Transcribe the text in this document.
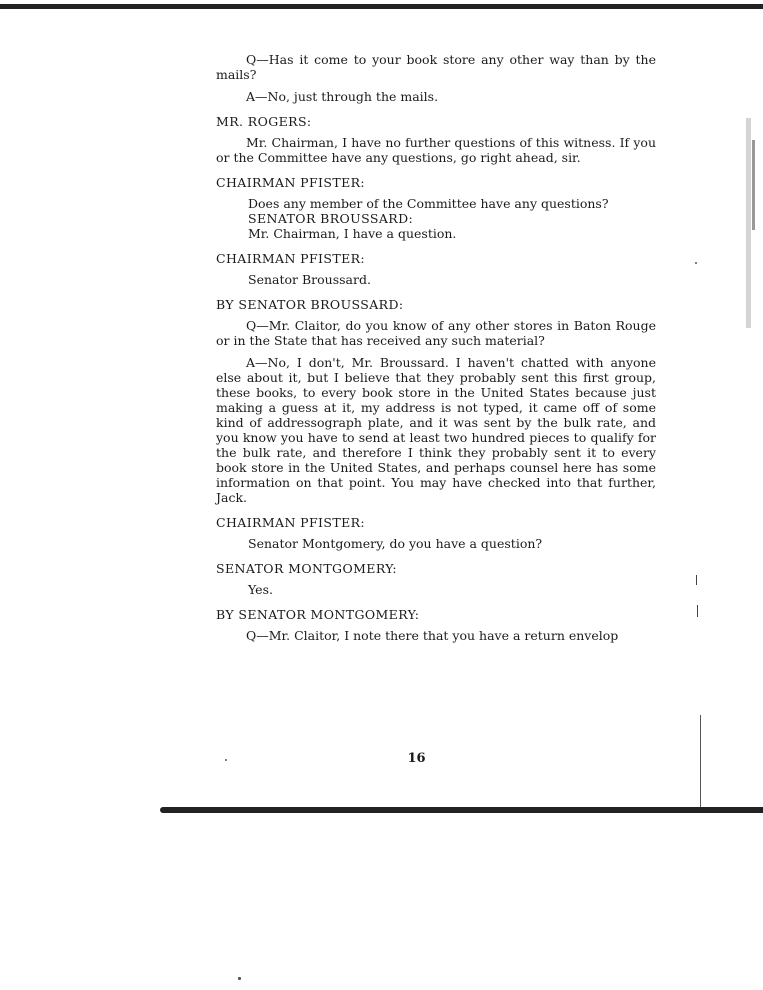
Q—Has it come to your book store any other way than by the mails?

A—No, just through the mails.

MR. ROGERS:

Mr. Chairman, I have no further questions of this witness. If you or the Committee have any questions, go right ahead, sir.

CHAIRMAN PFISTER:

Does any member of the Committee have any questions?

SENATOR BROUSSARD:

Mr. Chairman, I have a question.

CHAIRMAN PFISTER:

Senator Broussard.

BY SENATOR BROUSSARD:

Q—Mr. Claitor, do you know of any other stores in Baton Rouge or in the State that has received any such material?

A—No, I don't, Mr. Broussard. I haven't chatted with anyone else about it, but I believe that they probably sent this first group, these books, to every book store in the United States because just making a guess at it, my address is not typed, it came off of some kind of addressograph plate, and it was sent by the bulk rate, and you know you have to send at least two hundred pieces to qualify for the bulk rate, and therefore I think they probably sent it to every book store in the United States, and perhaps counsel here has some information on that point. You may have checked into that further, Jack.

CHAIRMAN PFISTER:

Senator Montgomery, do you have a question?

SENATOR MONTGOMERY:

Yes.

BY SENATOR MONTGOMERY:

Q—Mr. Claitor, I note there that you have a return envelop

16
